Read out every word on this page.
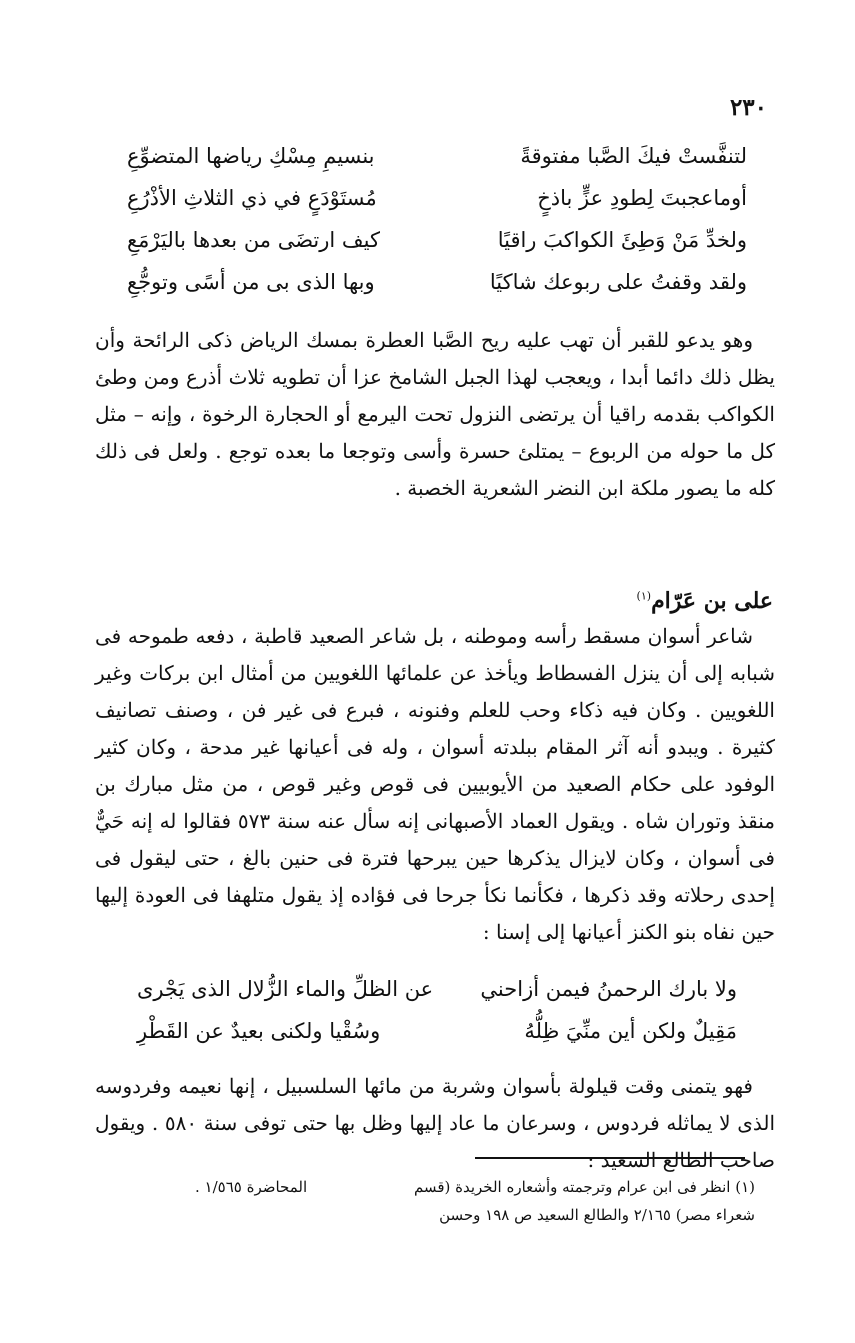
٢٣٠
لتنفَّستْ فيكَ الصَّبا مفتوقةً
بنسيمِ مِسْكِ رياضها المتضوِّعِ
أوماعجبتَ لِطودِ عزٍّ باذخٍ
مُستَوْدَعٍ في ذي الثلاثِ الأذْرُعِ
ولخدِّ مَنْ وَطِئَ الكواكبَ راقيًا
كيف ارتضَى من بعدها باليَرْمَعِ
ولقد وقفتُ على ربوعك شاكيًا
وبها الذى بى من أسًى وتوجُّعِ

وهو يدعو للقبر أن تهب عليه ريح الصَّبا العطرة بمسك الرياض ذكى الرائحة وأن يظل ذلك دائما أبدا ، ويعجب لهذا الجبل الشامخ عزا أن تطويه ثلاث أذرع ومن وطئ الكواكب بقدمه راقيا أن يرتضى النزول تحت اليرمع أو الحجارة الرخوة ، وإنه – مثل كل ما حوله من الربوع – يمتلئ حسرة وأسى وتوجعا ما بعده توجع . ولعل فى ذلك كله ما يصور ملكة ابن النضر الشعرية الخصبة .

على بن عَرّام$^{(١)}$

شاعر أسوان مسقط رأسه وموطنه ، بل شاعر الصعيد قاطبة ، دفعه طموحه فى شبابه إلى أن ينزل الفسطاط ويأخذ عن علمائها اللغويين من أمثال ابن بركات وغير اللغويين . وكان فيه ذكاء وحب للعلم وفنونه ، فبرع فى غير فن ، وصنف تصانيف كثيرة . ويبدو أنه آثر المقام ببلدته أسوان ، وله فى أعيانها غير مدحة ، وكان كثير الوفود على حكام الصعيد من الأيوبيين فى قوص وغير قوص ، من مثل مبارك بن منقذ وتوران شاه . ويقول العماد الأصبهانى إنه سأل عنه سنة ٥٧٣ فقالوا له إنه حَيٌّ فى أسوان ، وكان لايزال يذكرها حين يبرحها فترة فى حنين بالغ ، حتى ليقول فى إحدى رحلاته وقد ذكرها ، فكأنما نكأ جرحا فى فؤاده إذ يقول متلهفا فى العودة إليها حين نفاه بنو الكنز أعيانها إلى إسنا :

ولا بارك الرحمنُ فيمن أزاحني
عن الظلِّ والماء الزُّلال الذى يَجْرى
مَقِيلٌ ولكن أين منِّيَ ظِلُّهُ
وسُقْيا ولكنى بعيدٌ عن القَطْرِ

فهو يتمنى وقت قيلولة بأسوان وشربة من مائها السلسبيل ، إنها نعيمه وفردوسه الذى لا يماثله فردوس ، وسرعان ما عاد إليها وظل بها حتى توفى سنة ٥٨٠ . ويقول صاحب الطالع السعيد :

(١) انظر فى ابن عرام وترجمته وأشعاره الخريدة (قسم
المحاضرة ١/٥٦٥ .
شعراء مصر) ٢/١٦٥ والطالع السعيد ص ١٩٨ وحسن
